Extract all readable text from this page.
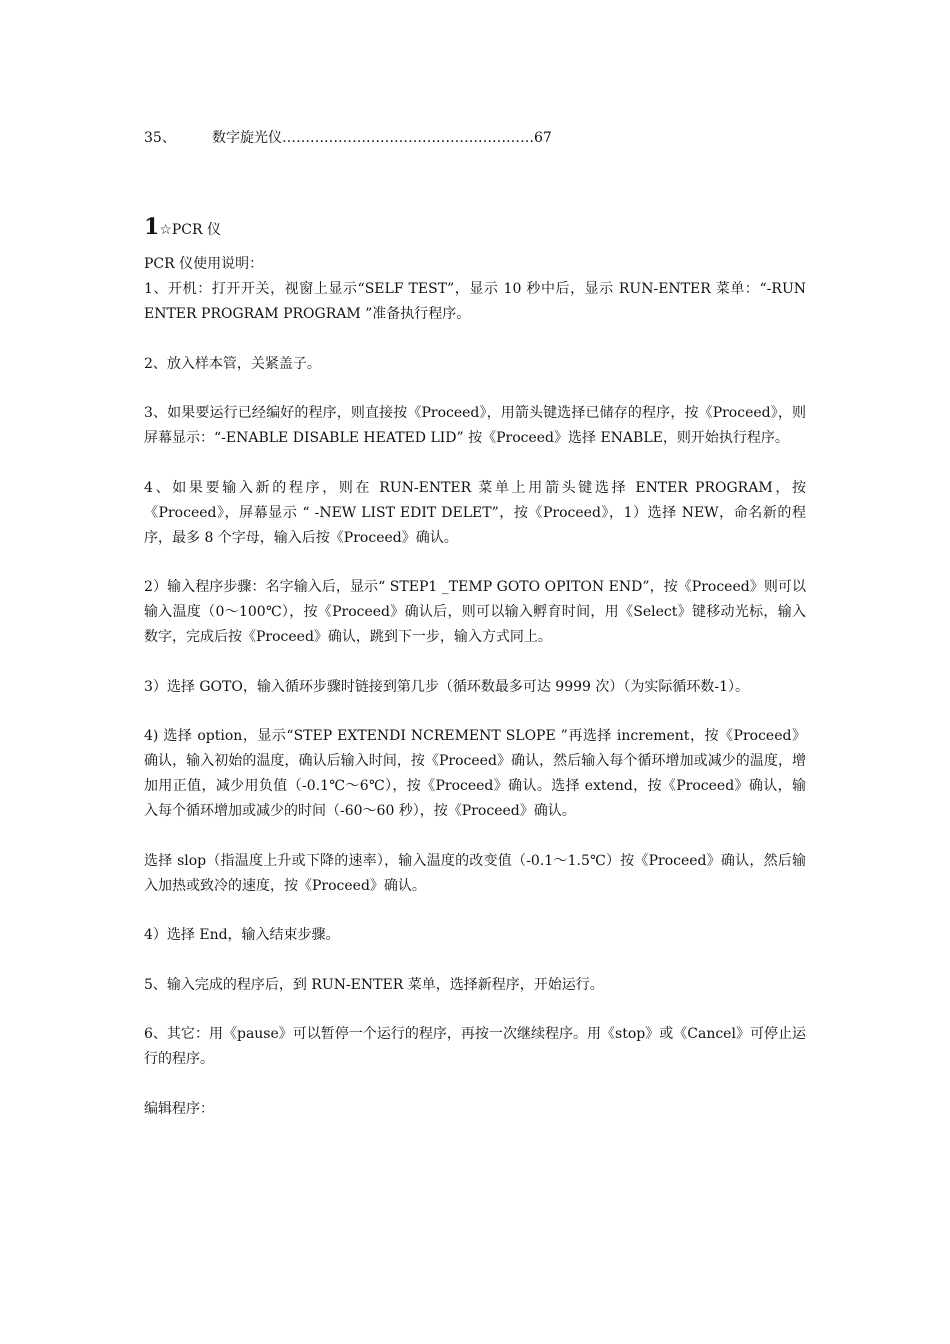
35、	数字旋光仪………………………………………………67
1☆PCR 仪

PCR 仪使用说明：

1、开机：打开开关，视窗上显示“SELF TEST”，显示 10 秒中后，显示 RUN-ENTER 菜单：“-RUN ENTER PROGRAM PROGRAM ”准备执行程序。

2、放入样本管，关紧盖子。

3、如果要运行已经编好的程序，则直接按《Proceed》，用箭头键选择已储存的程序，按《Proceed》，则屏幕显示：“-ENABLE DISABLE HEATED LID” 按《Proceed》选择 ENABLE，则开始执行程序。

4、如果要输入新的程序，则在 RUN-ENTER 菜单上用箭头键选择 ENTER PROGRAM，按《Proceed》，屏幕显示 “ -NEW LIST EDIT DELET”，按《Proceed》，1）选择 NEW，命名新的程序，最多 8 个字母，输入后按《Proceed》确认。

2）输入程序步骤：名字输入后，显示“ STEP1 _TEMP GOTO OPITON END”，按《Proceed》则可以输入温度（0～100℃），按《Proceed》确认后，则可以输入孵育时间，用《Select》键移动光标，输入数字，完成后按《Proceed》确认，跳到下一步，输入方式同上。

3）选择 GOTO，输入循环步骤时链接到第几步（循环数最多可达 9999 次）（为实际循环数-1）。

4) 选择 option，显示“STEP EXTENDI NCREMENT SLOPE ”再选择 increment，按《Proceed》确认，输入初始的温度，确认后输入时间，按《Proceed》确认，然后输入每个循环增加或减少的温度，增加用正值，减少用负值（-0.1℃～6℃），按《Proceed》确认。选择 extend，按《Proceed》确认，输入每个循环增加或减少的时间（-60～60 秒），按《Proceed》确认。

选择 slop（指温度上升或下降的速率），输入温度的改变值（-0.1～1.5℃）按《Proceed》确认，然后输入加热或致冷的速度，按《Proceed》确认。

4）选择 End，输入结束步骤。

5、输入完成的程序后，到 RUN-ENTER 菜单，选择新程序，开始运行。

6、其它：用《pause》可以暂停一个运行的程序，再按一次继续程序。用《stop》或《Cancel》可停止运行的程序。

编辑程序：
